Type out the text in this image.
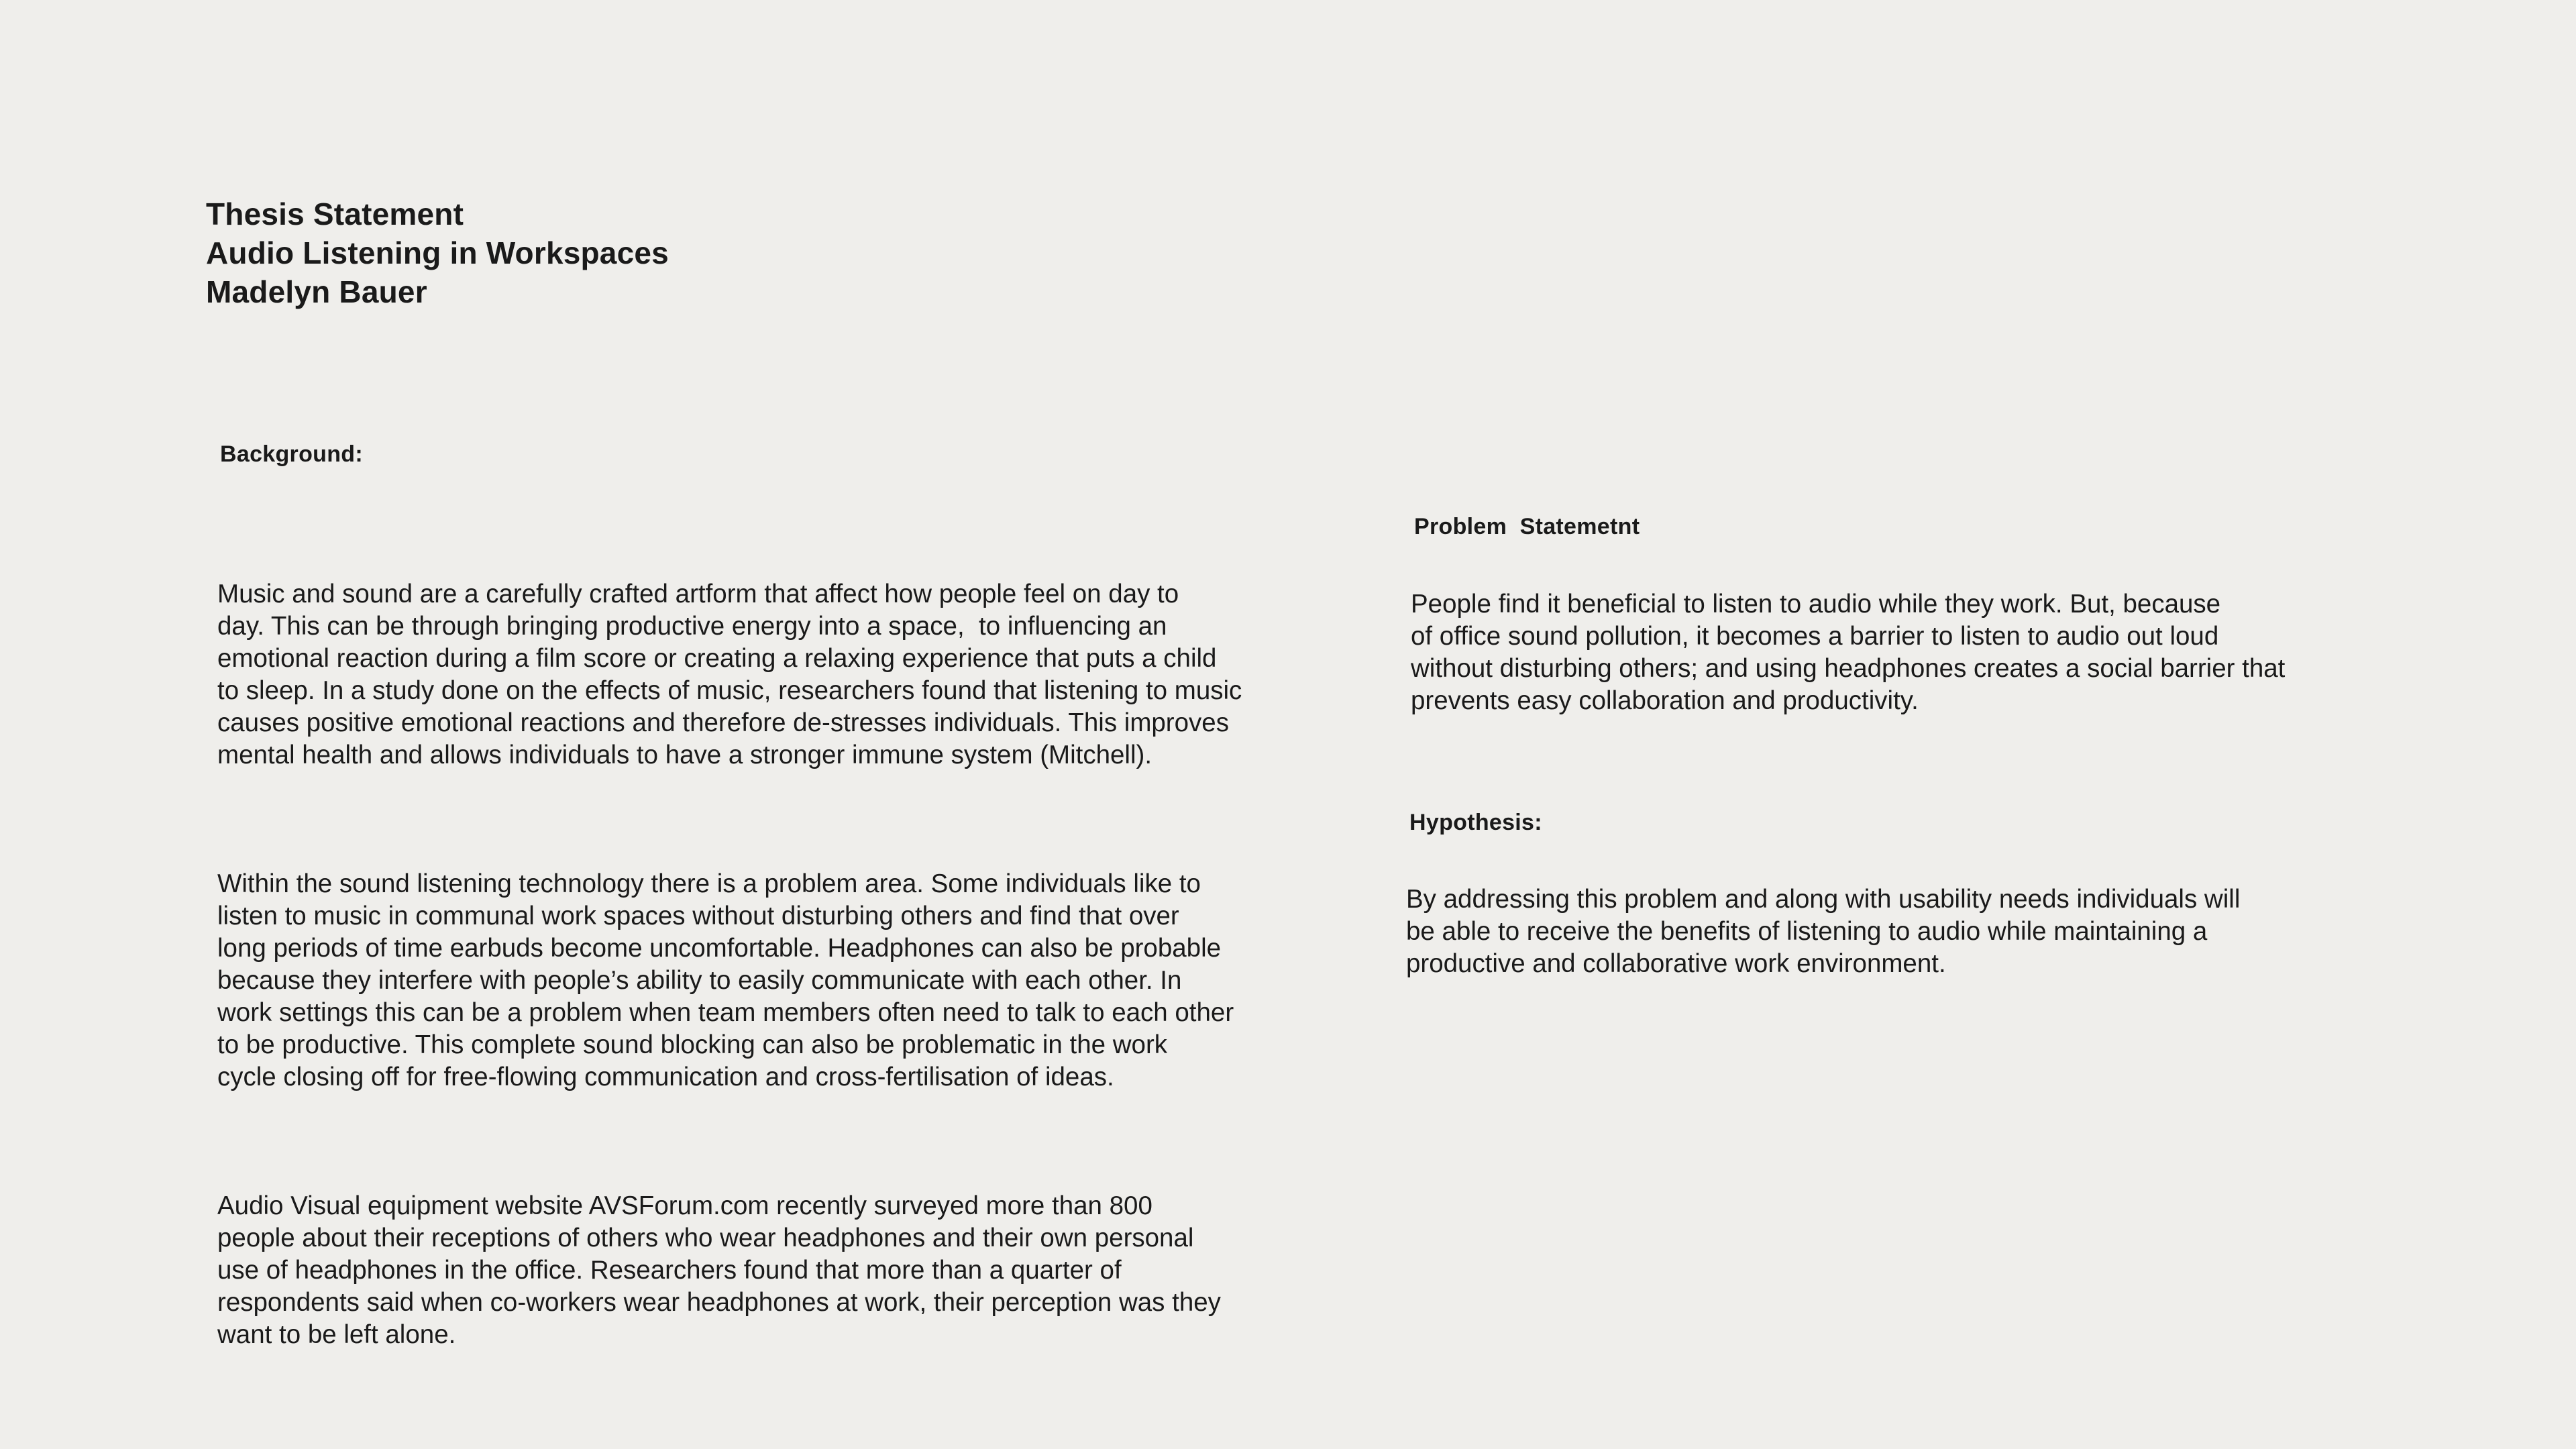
Thesis Statement
Audio Listening in Workspaces
Madelyn Bauer
Background:

Music and sound are a carefully crafted artform that affect how people feel on day to
day. This can be through bringing productive energy into a space,  to influencing an
emotional reaction during a film score or creating a relaxing experience that puts a child
to sleep. In a study done on the effects of music, researchers found that listening to music
causes positive emotional reactions and therefore de-stresses individuals. This improves
mental health and allows individuals to have a stronger immune system (Mitchell).

Within the sound listening technology there is a problem area. Some individuals like to
listen to music in communal work spaces without disturbing others and find that over
long periods of time earbuds become uncomfortable. Headphones can also be probable
because they interfere with people’s ability to easily communicate with each other. In
work settings this can be a problem when team members often need to talk to each other
to be productive. This complete sound blocking can also be problematic in the work
cycle closing off for free-flowing communication and cross-fertilisation of ideas.

Audio Visual equipment website AVSForum.com recently surveyed more than 800
people about their receptions of others who wear headphones and their own personal
use of headphones in the office. Researchers found that more than a quarter of
respondents said when co-workers wear headphones at work, their perception was they
want to be left alone.

Problem  Statemetnt
People find it beneficial to listen to audio while they work. But, because
of office sound pollution, it becomes a barrier to listen to audio out loud
without disturbing others; and using headphones creates a social barrier that
prevents easy collaboration and productivity.
Hypothesis:
By addressing this problem and along with usability needs individuals will
be able to receive the benefits of listening to audio while maintaining a
productive and collaborative work environment.
